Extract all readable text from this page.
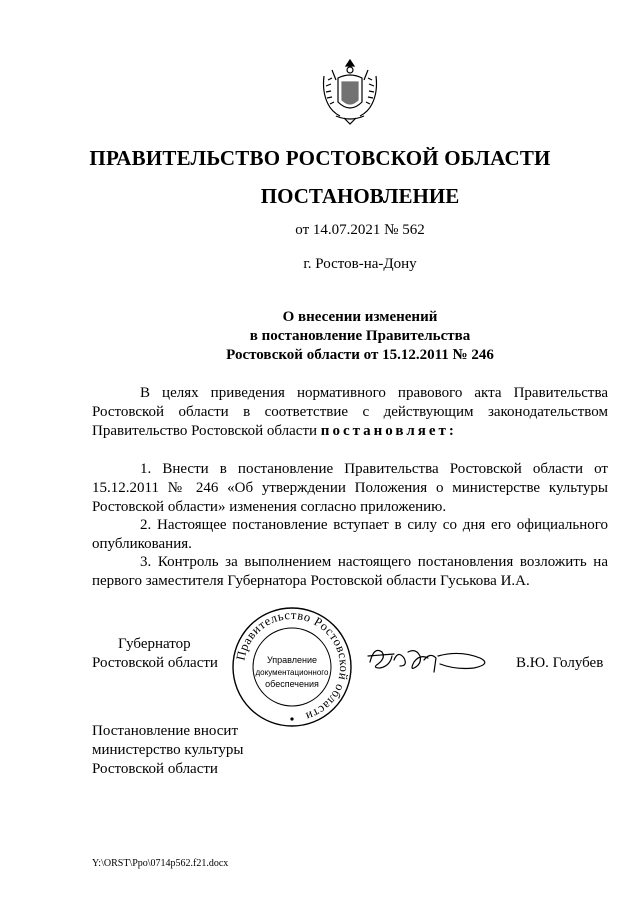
ПРАВИТЕЛЬСТВО РОСТОВСКОЙ ОБЛАСТИ
ПОСТАНОВЛЕНИЕ
от 14.07.2021 № 562
г. Ростов-на-Дону
О внесении изменений
в постановление Правительства
Ростовской области от 15.12.2011 № 246
В целях приведения нормативного правового акта Правительства Ростовской области в соответствие с действующим законодательством Правительство Ростовской области постановляет:
1. Внести в постановление Правительства Ростовской области от 15.12.2011 № 246 «Об утверждении Положения о министерстве культуры Ростовской области» изменения согласно приложению.
2. Настоящее постановление вступает в силу со дня его официального опубликования.
3. Контроль за выполнением настоящего постановления возложить на первого заместителя Губернатора Ростовской области Гуськова И.А.
Губернатор
Ростовской области Правительство Ростовской области
Управление
документационного
обеспечения
В.Ю. Голубев
Постановление вносит
министерство культуры
Ростовской области
Y:\ORST\Ppo\0714p562.f21.docx
